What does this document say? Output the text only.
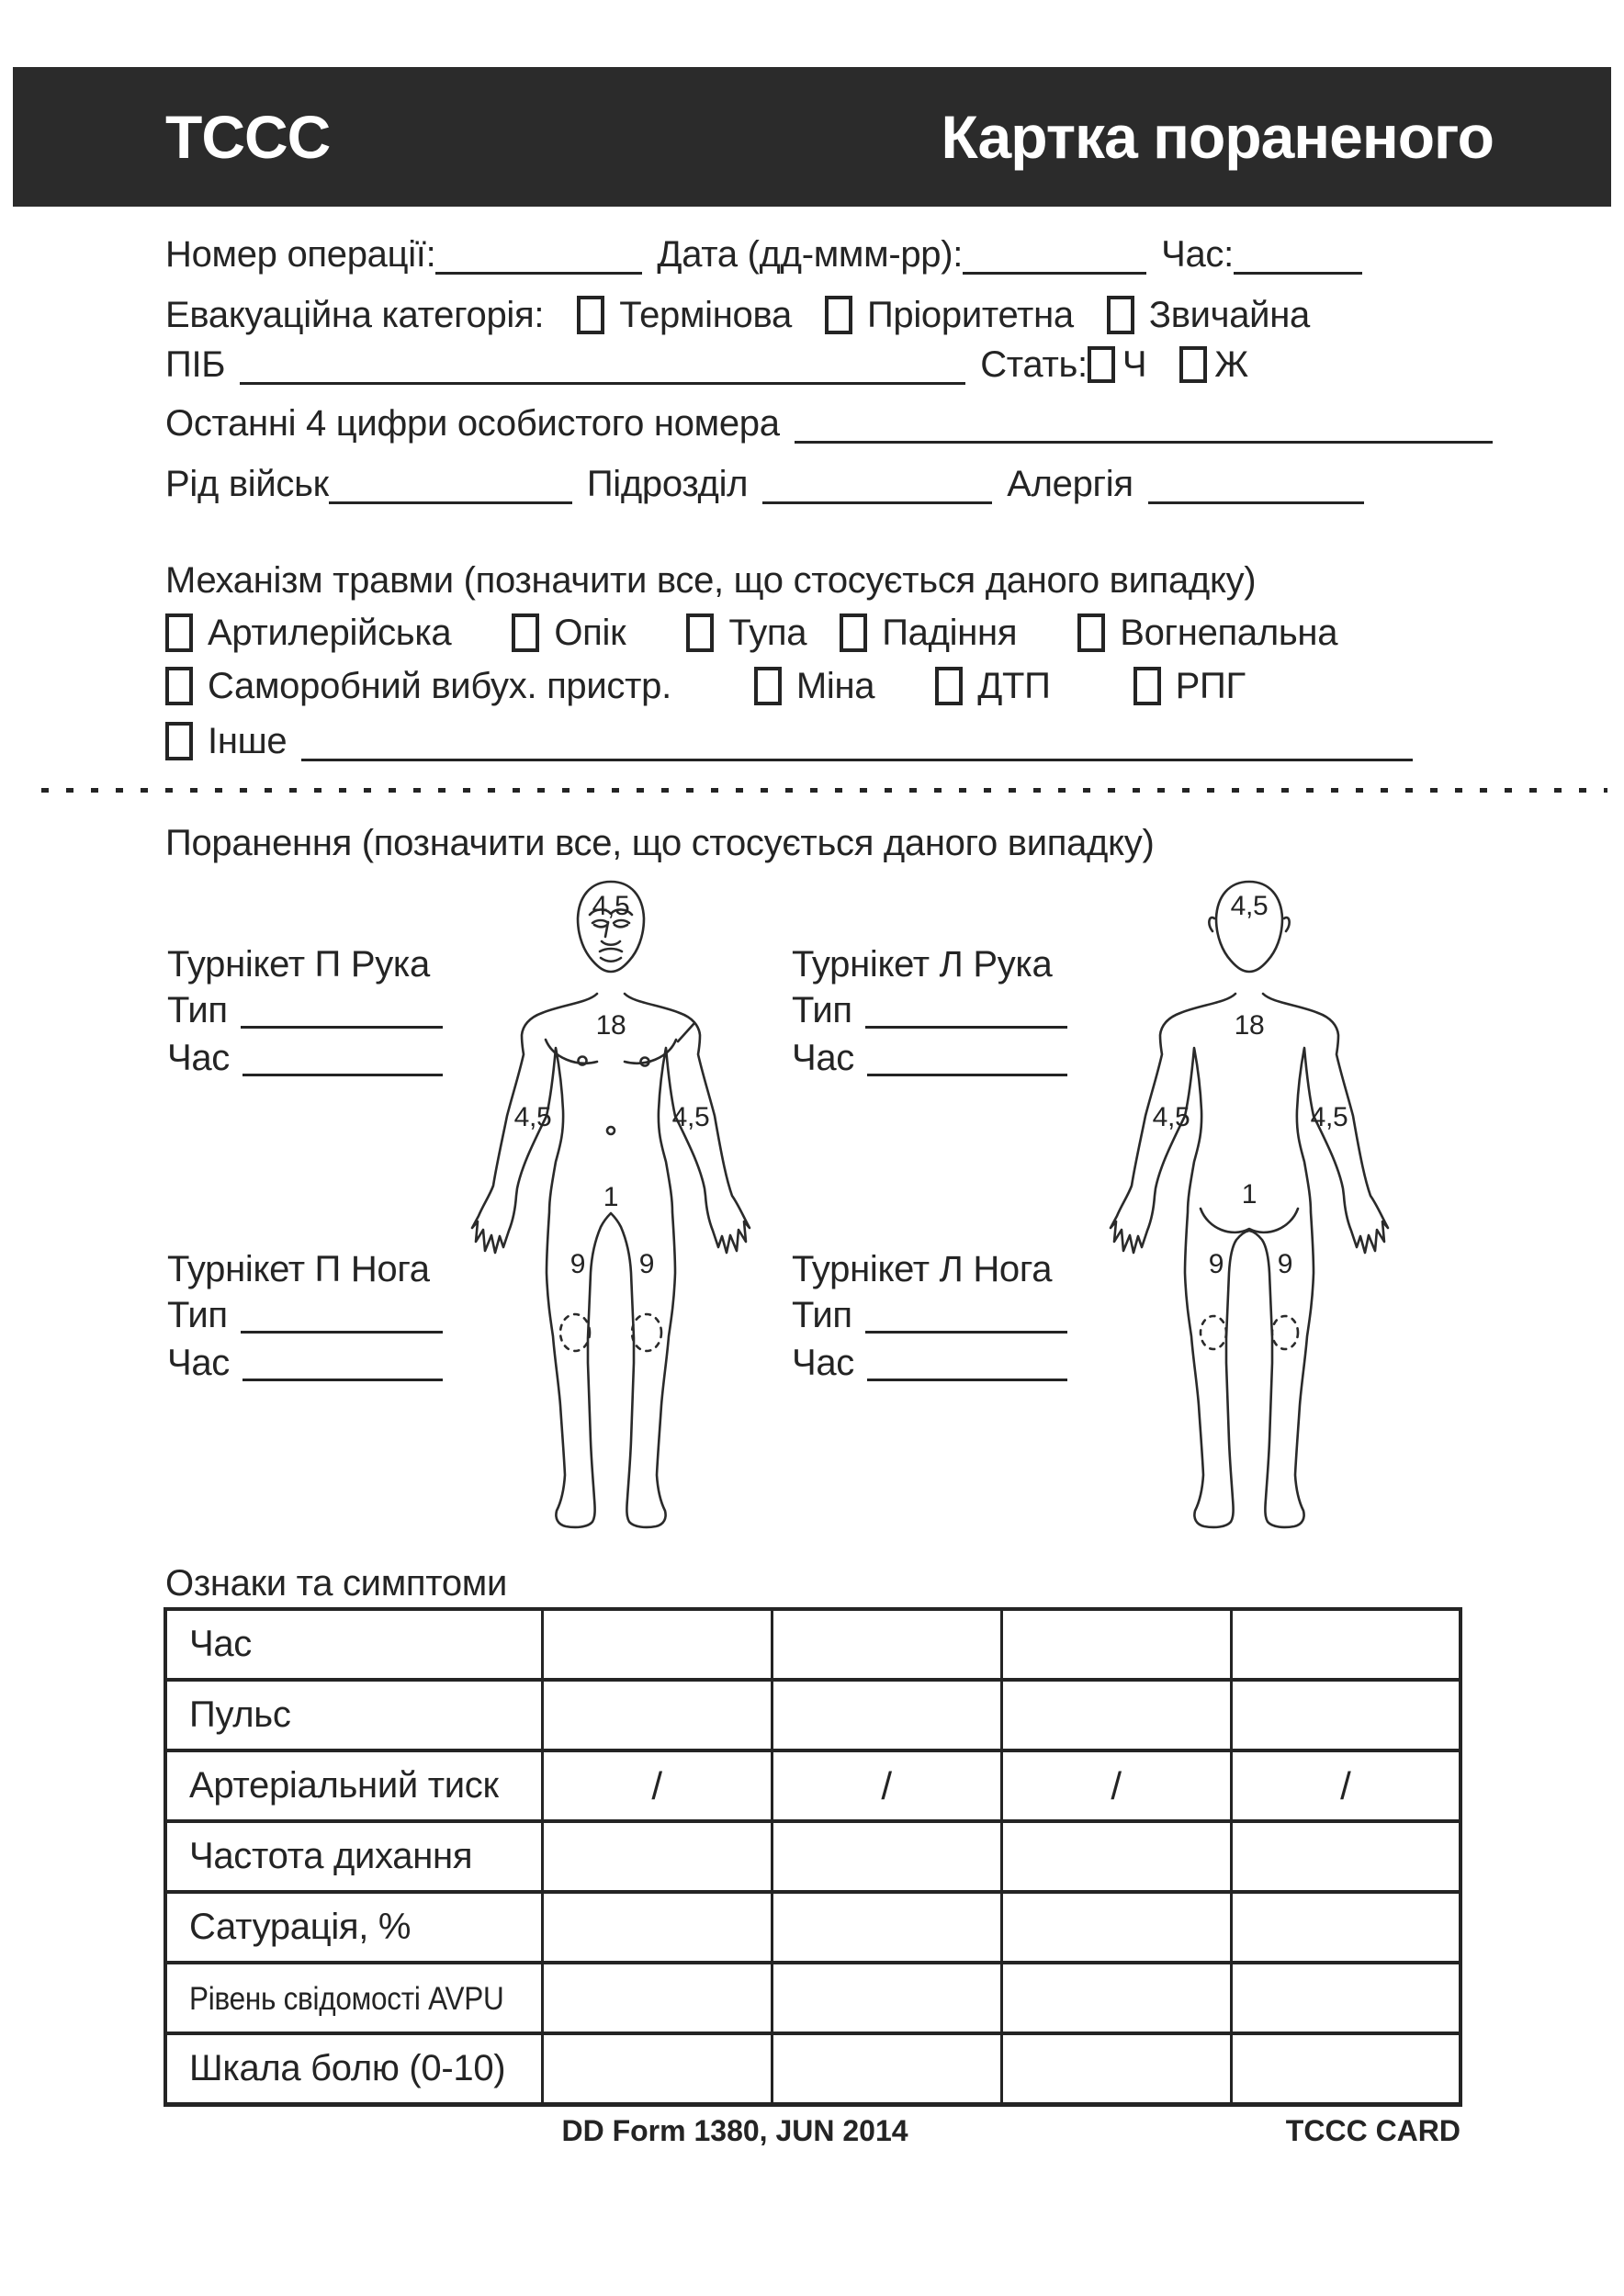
ТССС	Картка пораненого
Номер операції:	Дата (дд-ммм-рр):	Час:
Евакуаційна категорія: Термінова Пріоритетна Звичайна
ПІБ	Стать: Ч Ж
Останні 4 цифри особистого номера
Рід військ	Підрозділ	Алергія
Механізм травми (позначити все, що стосується даного випадку)
Артилерійська	Опік	Тупа Падіння	Вогнепальна
Саморобний вибух. пристр.	Міна	ДТП	РПГ
Інше
Поранення (позначити все, що стосується даного випадку)
Турнікет П Рука
Тип
Час
Турнікет Л Рука
Тип
Час
Турнікет П Нога
Тип
Час
Турнікет Л Нога
Тип
Час
4,5
18
4,5	4,5
1
9 9
4,5
18
4,5	4,5
1
9 9
Ознаки та симптоми
Час				
Пульс				
Артеріальний тиск	/	/	/	/
Частота дихання				
Сатурація, %				
Рівень свідомості AVPU				
Шкала болю (0-10)				
DD Form 1380, JUN 2014	TCCC CARD
